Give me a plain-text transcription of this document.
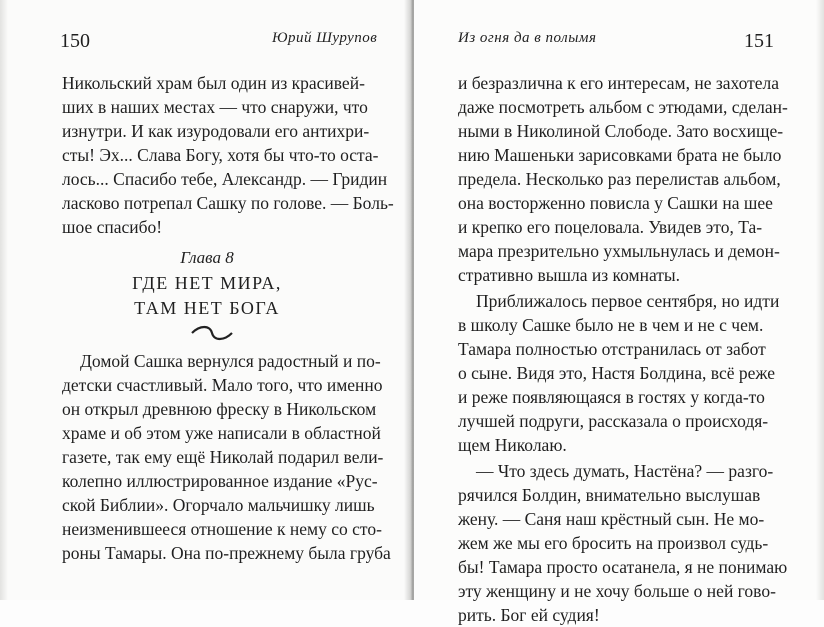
150	Юрий Шурупов
Никольский храм был один из красивей-
ших в наших местах — что снаружи, что
изнутри. И как изуродовали его антихри-
сты! Эх... Слава Богу, хотя бы что-то оста-
лось... Спасибо тебе, Александр. — Гридин
ласково потрепал Сашку по голове. — Боль-
шое спасибо!
Глава 8
ГДЕ НЕТ МИРА,
ТАМ НЕТ БОГА
Домой Сашка вернулся радостный и по-
детски счастливый. Мало того, что именно
он открыл древнюю фреску в Никольском
храме и об этом уже написали в областной
газете, так ему ещё Николай подарил вели-
колепно иллюстрированное издание «Рус-
ской Библии». Огорчало мальчишку лишь
неизменившееся отношение к нему со сто-
роны Тамары. Она по-прежнему была груба
Из огня да в полымя	151
и безразлична к его интересам, не захотела
даже посмотреть альбом с этюдами, сделан-
ными в Николиной Слободе. Зато восхище-
нию Машеньки зарисовками брата не было
предела. Несколько раз перелистав альбом,
она восторженно повисла у Сашки на шее
и крепко его поцеловала. Увидев это, Та-
мара презрительно ухмыльнулась и демон-
стративно вышла из комнаты.
Приближалось первое сентября, но идти
в школу Сашке было не в чем и не с чем.
Тамара полностью отстранилась от забот
о сыне. Видя это, Настя Болдина, всё реже
и реже появляющаяся в гостях у когда-то
лучшей подруги, рассказала о происходя-
щем Николаю.
— Что здесь думать, Настёна? — разго-
рячился Болдин, внимательно выслушав
жену. — Саня наш крёстный сын. Не мо-
жем же мы его бросить на произвол судь-
бы! Тамара просто осатанела, я не понимаю
эту женщину и не хочу больше о ней гово-
рить. Бог ей судия!
